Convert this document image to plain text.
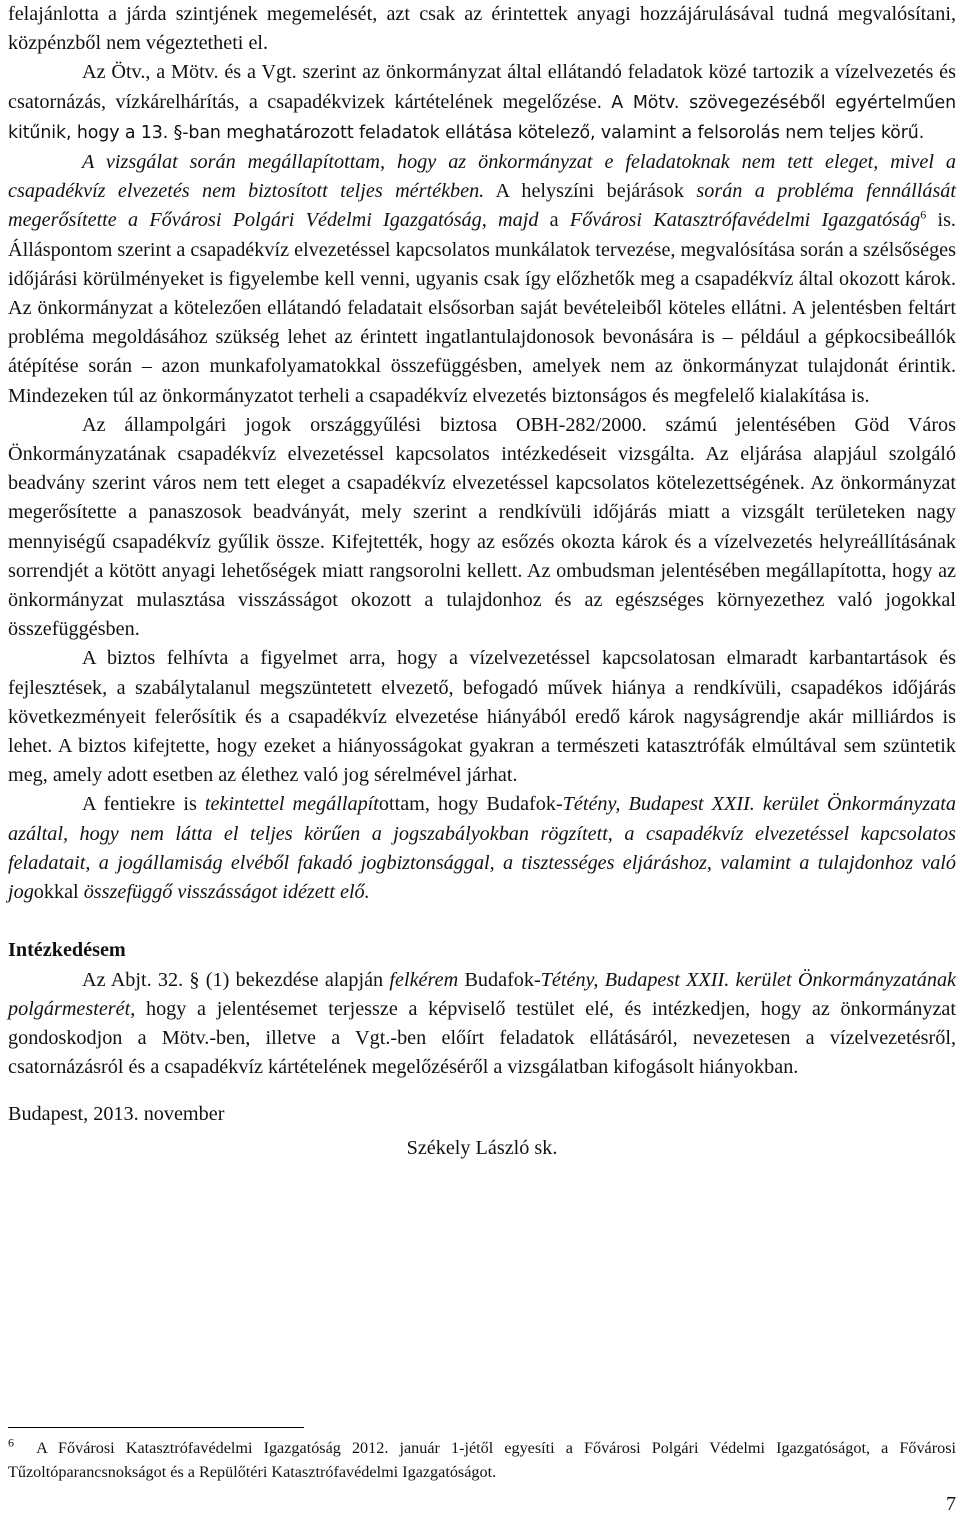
felajánlotta a járda szintjének megemelését, azt csak az érintettek anyagi hozzájárulásával tudná megvalósítani, közpénzből nem végeztetheti el.

Az Ötv., a Mötv. és a Vgt. szerint az önkormányzat által ellátandó feladatok közé tartozik a vízelvezetés és csatornázás, vízkárelhárítás, a csapadékvizek kártételének megelőzése. A Mötv. szövegezéséből egyértelműen kitűnik, hogy a 13. §-ban meghatározott feladatok ellátása kötelező, valamint a felsorolás nem teljes körű.

A vizsgálat során megállapítottam, hogy az önkormányzat e feladatoknak nem tett eleget, mivel a csapadékvíz elvezetés nem biztosított teljes mértékben. A helyszíni bejárások során a probléma fennállását megerősítette a Fővárosi Polgári Védelmi Igazgatóság, majd a Fővárosi Katasztrófavédelmi Igazgatóság$^6$ is. Álláspontom szerint a csapadékvíz elvezetéssel kapcsolatos munkálatok tervezése, megvalósítása során a szélsőséges időjárási körülményeket is figyelembe kell venni, ugyanis csak így előzhetők meg a csapadékvíz által okozott károk. Az önkormányzat a kötelezően ellátandó feladatait elsősorban saját bevételeiből köteles ellátni. A jelentésben feltárt probléma megoldásához szükség lehet az érintett ingatlantulajdonosok bevonására is – például a gépkocsibeállók átépítése során – azon munkafolyamatokkal összefüggésben, amelyek nem az önkormányzat tulajdonát érintik. Mindezeken túl az önkormányzatot terheli a csapadékvíz elvezetés biztonságos és megfelelő kialakítása is.

Az állampolgári jogok országgyűlési biztosa OBH-282/2000. számú jelentésében Göd Város Önkormányzatának csapadékvíz elvezetéssel kapcsolatos intézkedéseit vizsgálta. Az eljárása alapjául szolgáló beadvány szerint város nem tett eleget a csapadékvíz elvezetéssel kapcsolatos kötelezettségének. Az önkormányzat megerősítette a panaszosok beadványát, mely szerint a rendkívüli időjárás miatt a vizsgált területeken nagy mennyiségű csapadékvíz gyűlik össze. Kifejtették, hogy az esőzés okozta károk és a vízelvezetés helyreállításának sorrendjét a kötött anyagi lehetőségek miatt rangsorolni kellett. Az ombudsman jelentésében megállapította, hogy az önkormányzat mulasztása visszásságot okozott a tulajdonhoz és az egészséges környezethez való jogokkal összefüggésben.

A biztos felhívta a figyelmet arra, hogy a vízelvezetéssel kapcsolatosan elmaradt karbantartások és fejlesztések, a szabálytalanul megszüntetett elvezető, befogadó művek hiánya a rendkívüli, csapadékos időjárás következményeit felerősítik és a csapadékvíz elvezetése hiányából eredő károk nagyságrendje akár milliárdos is lehet. A biztos kifejtette, hogy ezeket a hiányosságokat gyakran a természeti katasztrófák elmúltával sem szüntetik meg, amely adott esetben az élethez való jog sérelmével járhat.

A fentiekre is tekintettel megállapítottam, hogy Budafok-Tétény, Budapest XXII. kerület Önkormányzata azáltal, hogy nem látta el teljes körűen a jogszabályokban rögzített, a csapadékvíz elvezetéssel kapcsolatos feladatait, a jogállamiság elvéből fakadó jogbiztonsággal, a tisztességes eljáráshoz, valamint a tulajdonhoz való jogokkal összefüggő visszásságot idézett elő.

Intézkedésem

Az Abjt. 32. § (1) bekezdése alapján felkérem Budafok-Tétény, Budapest XXII. kerület Önkormányzatának polgármesterét, hogy a jelentésemet terjessze a képviselő testület elé, és intézkedjen, hogy az önkormányzat gondoskodjon a Mötv.-ben, illetve a Vgt.-ben előírt feladatok ellátásáról, nevezetesen a vízelvezetésről, csatornázásról és a csapadékvíz kártételének megelőzéséről a vizsgálatban kifogásolt hiányokban.

Budapest, 2013. november

Székely László sk.

$^6$ A Fővárosi Katasztrófavédelmi Igazgatóság 2012. január 1-jétől egyesíti a Fővárosi Polgári Védelmi Igazgatóságot, a Fővárosi Tűzoltóparancsnokságot és a Repülőtéri Katasztrófavédelmi Igazgatóságot.
7
